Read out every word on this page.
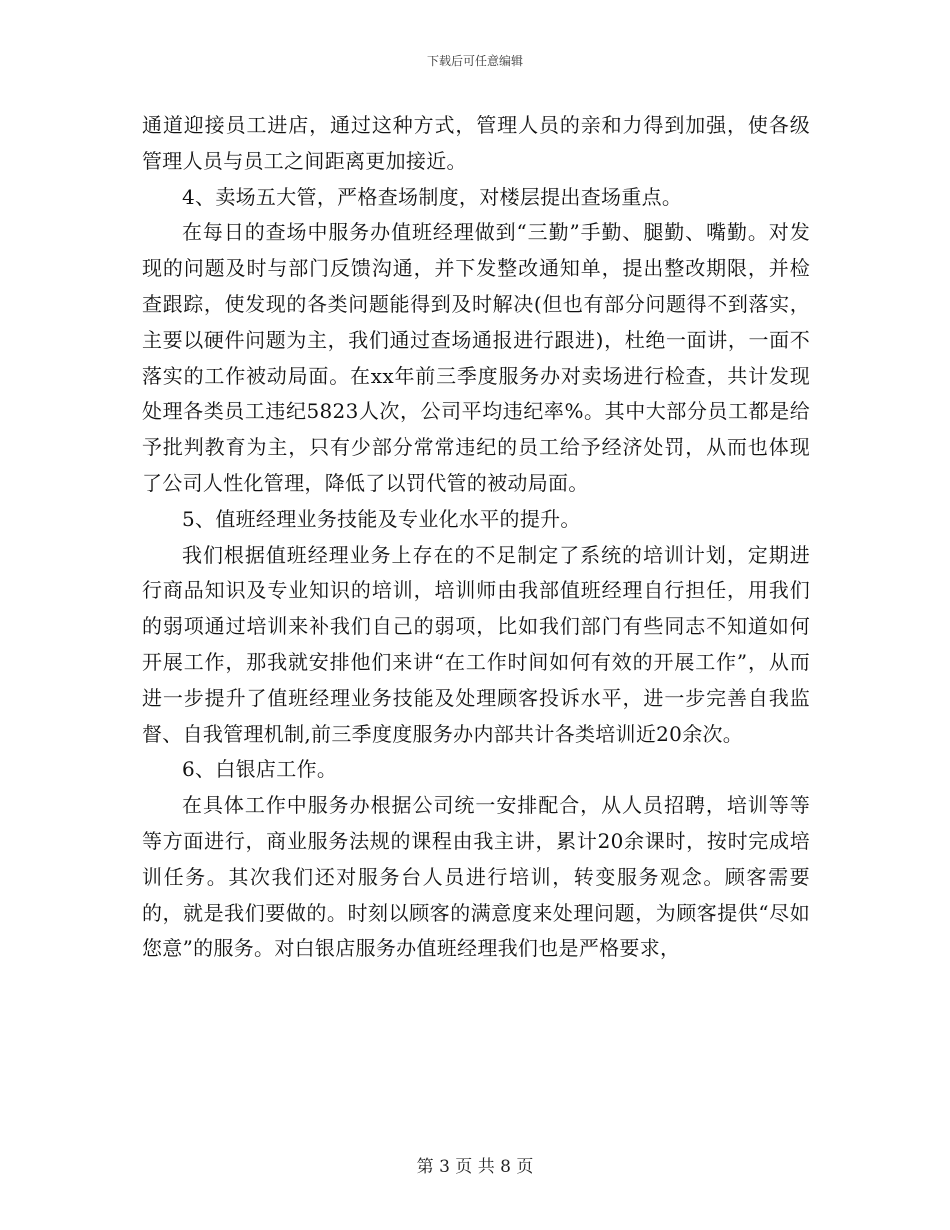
下载后可任意编辑

通道迎接员工进店，通过这种方式，管理人员的亲和力得到加强，使各级管理人员与员工之间距离更加接近。

4、卖场五大管，严格查场制度，对楼层提出查场重点。

在每日的查场中服务办值班经理做到“三勤”手勤、腿勤、嘴勤。对发现的问题及时与部门反馈沟通，并下发整改通知单，提出整改期限，并检查跟踪，使发现的各类问题能得到及时解决(但也有部分问题得不到落实，主要以硬件问题为主，我们通过查场通报进行跟进)，杜绝一面讲，一面不落实的工作被动局面。在xx年前三季度服务办对卖场进行检查，共计发现处理各类员工违纪5823人次，公司平均违纪率%。其中大部分员工都是给予批判教育为主，只有少部分常常违纪的员工给予经济处罚，从而也体现了公司人性化管理，降低了以罚代管的被动局面。

5、值班经理业务技能及专业化水平的提升。

我们根据值班经理业务上存在的不足制定了系统的培训计划，定期进行商品知识及专业知识的培训，培训师由我部值班经理自行担任，用我们的弱项通过培训来补我们自己的弱项，比如我们部门有些同志不知道如何开展工作，那我就安排他们来讲“在工作时间如何有效的开展工作”，从而进一步提升了值班经理业务技能及处理顾客投诉水平，进一步完善自我监督、自我管理机制,前三季度度服务办内部共计各类培训近20余次。

6、白银店工作。

在具体工作中服务办根据公司统一安排配合，从人员招聘，培训等等等方面进行，商业服务法规的课程由我主讲，累计20余课时，按时完成培训任务。其次我们还对服务台人员进行培训，转变服务观念。顾客需要的，就是我们要做的。时刻以顾客的满意度来处理问题，为顾客提供“尽如您意”的服务。对白银店服务办值班经理我们也是严格要求，

第 3 页 共 8 页
